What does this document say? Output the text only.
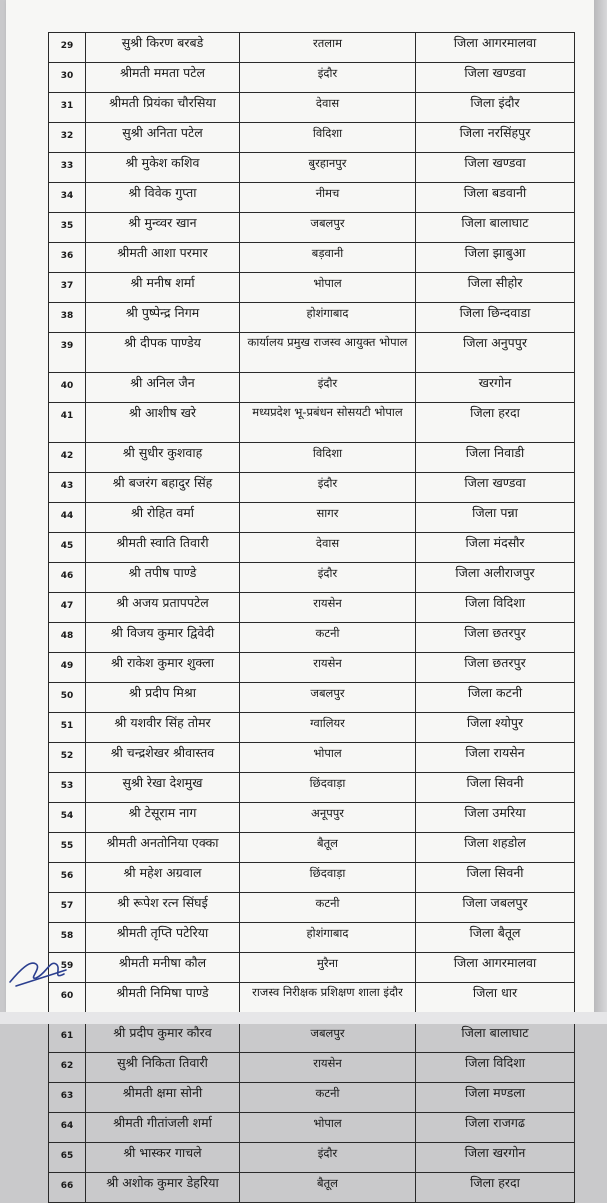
29	सुश्री किरण बरबडे	रतलाम	जिला आगरमालवा
30	श्रीमती ममता पटेल	इंदौर	जिला खण्डवा
31	श्रीमती प्रियंका चौरसिया	देवास	जिला इंदौर
32	सुश्री अनिता पटेल	विदिशा	जिला नरसिंहपुर
33	श्री मुकेश कशिव	बुरहानपुर	जिला खण्डवा
34	श्री विवेक गुप्ता	नीमच	जिला बडवानी
35	श्री मुन्व्वर खान	जबलपुर	जिला बालाघाट
36	श्रीमती आशा परमार	बड़वानी	जिला झाबुआ
37	श्री मनीष शर्मा	भोपाल	जिला सीहोर
38	श्री पुष्पेन्द्र निगम	होशंगाबाद	जिला छिन्दवाडा
39	श्री दीपक पाण्डेय	कार्यालय प्रमुख राजस्व आयुक्त भोपाल	जिला अनुपपुर
40	श्री अनिल जैन	इंदौर	खरगोन
41	श्री आशीष खरे	मध्यप्रदेश भू-प्रबंधन सोसयटी भोपाल	जिला हरदा
42	श्री सुधीर कुशवाह	विदिशा	जिला निवाडी
43	श्री बजरंग बहादुर सिंह	इंदौर	जिला खण्डवा
44	श्री रोहित वर्मा	सागर	जिला पन्ना
45	श्रीमती स्वाति तिवारी	देवास	जिला मंदसौर
46	श्री तपीष पाण्डे	इंदौर	जिला अलीराजपुर
47	श्री अजय प्रतापपटेल	रायसेन	जिला विदिशा
48	श्री विजय कुमार द्विवेदी	कटनी	जिला छतरपुर
49	श्री राकेश कुमार शुक्ला	रायसेन	जिला छतरपुर
50	श्री प्रदीप मिश्रा	जबलपुर	जिला कटनी
51	श्री यशवीर सिंह तोमर	ग्वालियर	जिला श्योपुर
52	श्री चन्द्रशेखर श्रीवास्तव	भोपाल	जिला रायसेन
53	सुश्री रेखा देशमुख	छिंदवाड़ा	जिला सिवनी
54	श्री टेसूराम नाग	अनूपपुर	जिला उमरिया
55	श्रीमती अनतोनिया एक्का	बैतूल	जिला शहडोल
56	श्री महेश अग्रवाल	छिंदवाड़ा	जिला सिवनी
57	श्री रूपेश रत्न सिंघई	कटनी	जिला जबलपुर
58	श्रीमती तृप्ति पटेरिया	होशंगाबाद	जिला बैतूल
59	श्रीमती मनीषा कौल	मुरैना	जिला आगरमालवा
60	श्रीमती निमिषा पाण्डे	राजस्व निरीक्षक प्रशिक्षण शाला इंदौर	जिला धार
61	श्री प्रदीप कुमार कौरव	जबलपुर	जिला बालाघाट
62	सुश्री निकिता तिवारी	रायसेन	जिला विदिशा
63	श्रीमती क्षमा सोनी	कटनी	जिला मण्डला
64	श्रीमती गीतांजली शर्मा	भोपाल	जिला राजगढ
65	श्री भास्कर गाचले	इंदौर	जिला खरगोन
66	श्री अशोक कुमार डेहरिया	बैतूल	जिला हरदा
